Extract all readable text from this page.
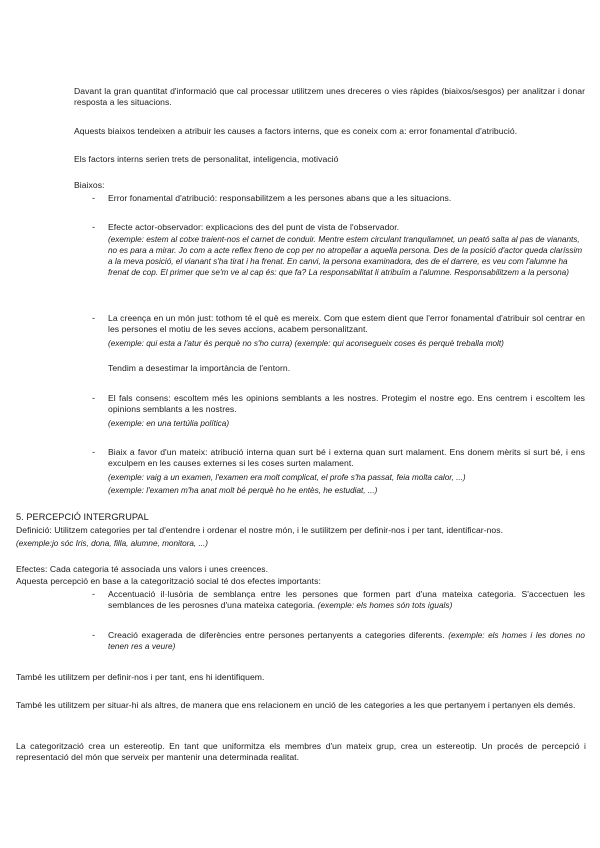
Davant la gran quantitat d'informació que cal processar utilitzem unes dreceres o vies ràpides (biaixos/sesgos) per analitzar i donar resposta a les situacions.

Aquests biaixos tendeixen a atribuir les causes a factors interns, que es coneix com a: error fonamental d'atribució.

Els factors interns serien trets de personalitat, inteligencia, motivació

Biaixos:

- Error fonamental d'atribució: responsabilitzem a les persones abans que a les situacions.

- Efecte actor-observador: explicacions des del punt de vista de l'observador.

(exemple: estem al cotxe traient-nos el carnet de conduir. Mentre estem circulant tranquilamnet, un peató salta al pas de vianants, no es para a mirar. Jo com a acte reflex freno de cop per no atropellar a aquella persona. Des de la posició d'actor queda claríssim a la meva posició, el vianant s'ha tirat i ha frenat. En canvi, la persona examinadora, des de el darrere, es veu com l'alumne ha frenat de cop. El primer que se'm ve al cap és: que fa? La responsabilitat li atribuïm a l'alumne. Responsabilitzem a la persona)

- La creença en un món just: tothom té el què es mereix. Com que estem dient que l'error fonamental d'atribuir sol centrar en les persones el motiu de les seves accions, acabem personalitzant.

(exemple: qui esta a l'atur és perquè no s'ho curra) (exemple: qui aconsegueix coses és perquè treballa molt)

Tendim a desestimar la importància de l'entorn.

- El fals consens: escoltem més les opinions semblants a les nostres. Protegim el nostre ego. Ens centrem i escoltem les opinions semblants a les nostres.

(exemple: en una tertúlia política)

- Biaix a favor d'un mateix: atribució interna quan surt bé i externa quan surt malament. Ens donem mèrits si surt bé, i ens exculpem en les causes externes si les coses surten malament.

(exemple: vaig a un examen, l'examen era molt complicat, el profe s'ha passat, feia molta calor, ...)

(exemple: l'examen m'ha anat molt bé perquè ho he entès, he estudiat, ...)

5. PERCEPCIÓ INTERGRUPAL

Definició: Utilitzem categories per tal d'entendre i ordenar el nostre món, i le sutilitzem per definir-nos i per tant, identificar-nos.

(exemple:jo sóc Iris, dona, filla, alumne, monitora, ...)

Efectes: Cada categoria té associada uns valors i unes creences.

Aquesta percepció en base a la categorització social té dos efectes importants:

- Accentuació il·lusòria de semblança entre les persones que formen part d'una mateixa categoria. S'accectuen les semblances de les perosnes d'una mateixa categoria. (exemple: els homes són tots iguals)

- Creació exagerada de diferències entre persones pertanyents a categories diferents. (exemple: els homes i les dones no tenen res a veure)

També les utilitzem per definir-nos i per tant, ens hi identifiquem.

També les utilitzem per situar-hi als altres, de manera que ens relacionem en unció de les categories a les que pertanyem i pertanyen els demés.

La categorització crea un estereotip. En tant que uniformitza els membres d'un mateix grup, crea un estereotip. Un procés de percepció i representació del món que serveix per mantenir una determinada realitat.
